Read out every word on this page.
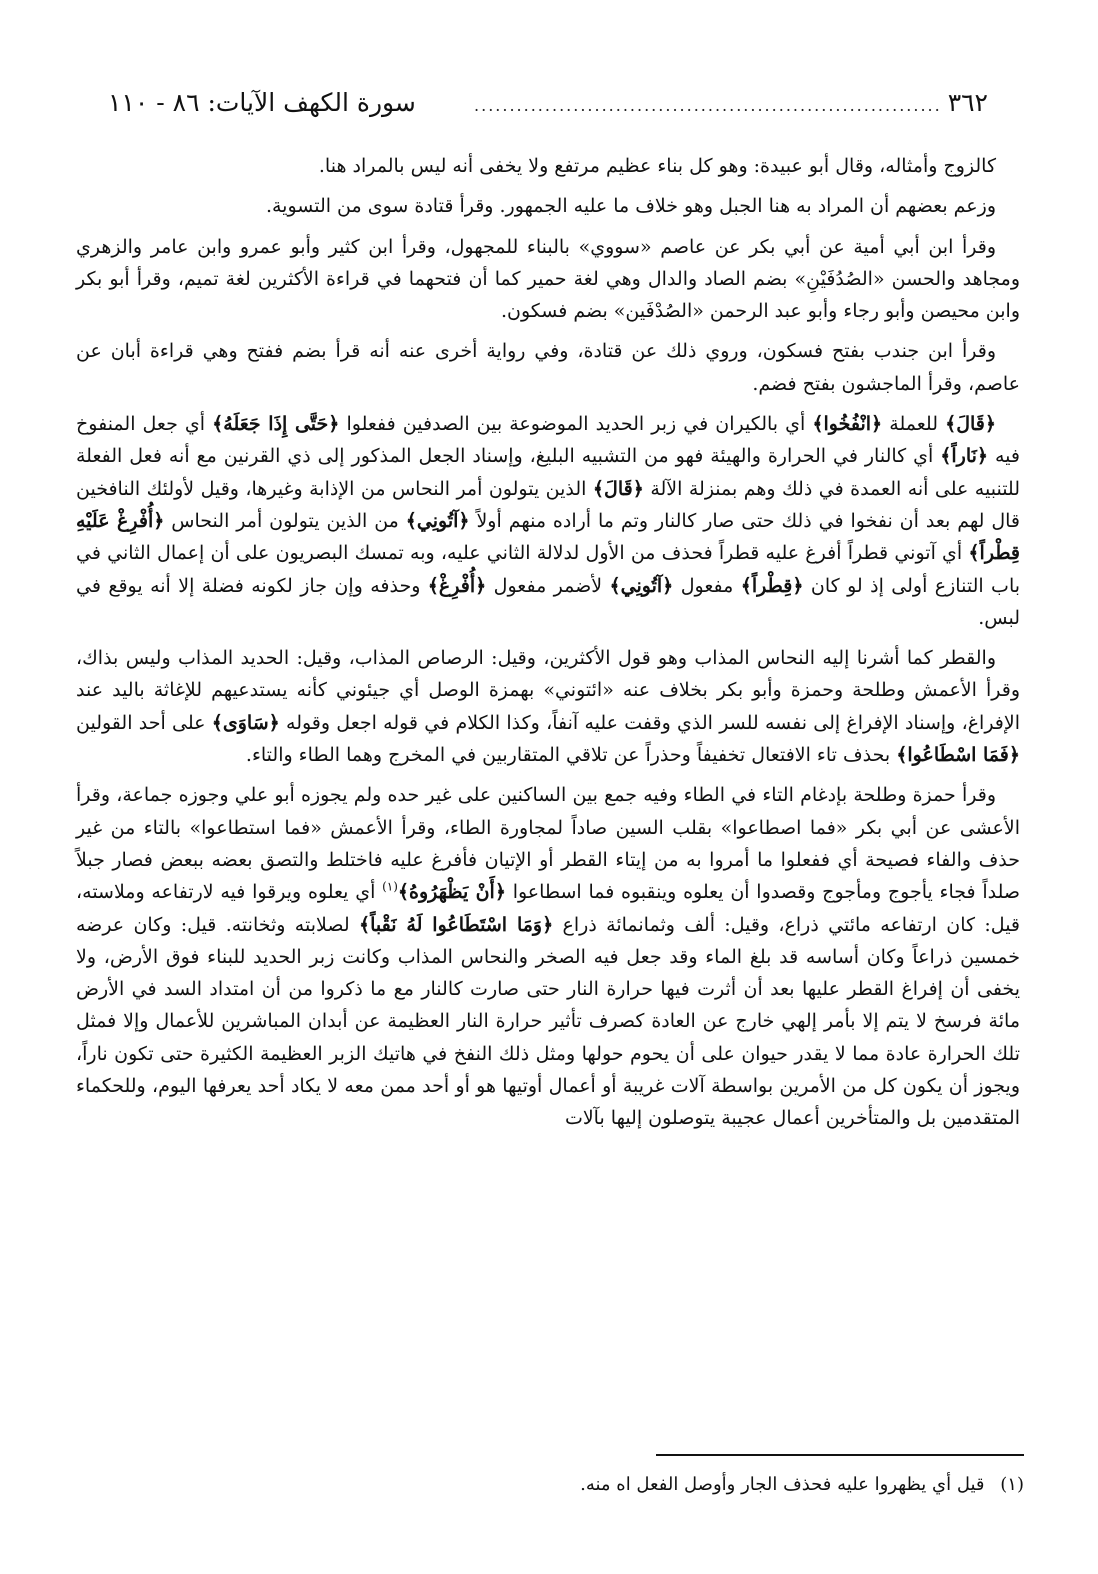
٣٦٢
..................................................................
سورة الكهف الآيات: ٨٦ - ١١٠

كالزوج وأمثاله، وقال أبو عبيدة: وهو كل بناء عظيم مرتفع ولا يخفى أنه ليس بالمراد هنا.

وزعم بعضهم أن المراد به هنا الجبل وهو خلاف ما عليه الجمهور. وقرأ قتادة سوى من التسوية.

وقرأ ابن أبي أمية عن أبي بكر عن عاصم «سووي» بالبناء للمجهول، وقرأ ابن كثير وأبو عمرو وابن عامر والزهري ومجاهد والحسن «الصُدُفَيْنِ» بضم الصاد والدال وهي لغة حمير كما أن فتحهما في قراءة الأكثرين لغة تميم، وقرأ أبو بكر وابن محيصن وأبو رجاء وأبو عبد الرحمن «الصُدْفَين» بضم فسكون.

وقرأ ابن جندب بفتح فسكون، وروي ذلك عن قتادة، وفي رواية أخرى عنه أنه قرأ بضم ففتح وهي قراءة أبان عن عاصم، وقرأ الماجشون بفتح فضم.

﴿قَالَ﴾ للعملة ﴿انْفُخُوا﴾ أي بالكيران في زبر الحديد الموضوعة بين الصدفين ففعلوا ﴿حَتَّى إِذَا جَعَلَهُ﴾ أي جعل المنفوخ فيه ﴿نَاراً﴾ أي كالنار في الحرارة والهيئة فهو من التشبيه البليغ، وإسناد الجعل المذكور إلى ذي القرنين مع أنه فعل الفعلة للتنبيه على أنه العمدة في ذلك وهم بمنزلة الآلة ﴿قَالَ﴾ الذين يتولون أمر النحاس من الإذابة وغيرها، وقيل لأولئك النافخين قال لهم بعد أن نفخوا في ذلك حتى صار كالنار وتم ما أراده منهم أولاً ﴿آتُونِي﴾ من الذين يتولون أمر النحاس ﴿أُفْرِغْ عَلَيْهِ قِطْراً﴾ أي آتوني قطراً أفرغ عليه قطراً فحذف من الأول لدلالة الثاني عليه، وبه تمسك البصريون على أن إعمال الثاني في باب التنازع أولى إذ لو كان ﴿قِطْراً﴾ مفعول ﴿آتُونِي﴾ لأضمر مفعول ﴿أُفْرِغْ﴾ وحذفه وإن جاز لكونه فضلة إلا أنه يوقع في لبس.

والقطر كما أشرنا إليه النحاس المذاب وهو قول الأكثرين، وقيل: الرصاص المذاب، وقيل: الحديد المذاب وليس بذاك، وقرأ الأعمش وطلحة وحمزة وأبو بكر بخلاف عنه «ائتوني» بهمزة الوصل أي جيئوني كأنه يستدعيهم للإغاثة باليد عند الإفراغ، وإسناد الإفراغ إلى نفسه للسر الذي وقفت عليه آنفاً، وكذا الكلام في قوله اجعل وقوله ﴿سَاوَى﴾ على أحد القولين ﴿فَمَا اسْطَاعُوا﴾ بحذف تاء الافتعال تخفيفاً وحذراً عن تلاقي المتقاربين في المخرج وهما الطاء والتاء.

وقرأ حمزة وطلحة بإدغام التاء في الطاء وفيه جمع بين الساكنين على غير حده ولم يجوزه أبو علي وجوزه جماعة، وقرأ الأعشى عن أبي بكر «فما اصطاعوا» بقلب السين صاداً لمجاورة الطاء، وقرأ الأعمش «فما استطاعوا» بالتاء من غير حذف والفاء فصيحة أي ففعلوا ما أمروا به من إيتاء القطر أو الإتيان فأفرغ عليه فاختلط والتصق بعضه ببعض فصار جبلاً صلداً فجاء يأجوج ومأجوج وقصدوا أن يعلوه وينقبوه فما اسطاعوا ﴿أَنْ يَظْهَرُوهُ﴾$^{(١)}$ أي يعلوه ويرقوا فيه لارتفاعه وملاسته، قيل: كان ارتفاعه مائتي ذراع، وقيل: ألف وثمانمائة ذراع ﴿وَمَا اسْتَطَاعُوا لَهُ نَقْباً﴾ لصلابته وثخانته. قيل: وكان عرضه خمسين ذراعاً وكان أساسه قد بلغ الماء وقد جعل فيه الصخر والنحاس المذاب وكانت زبر الحديد للبناء فوق الأرض، ولا يخفى أن إفراغ القطر عليها بعد أن أثرت فيها حرارة النار حتى صارت كالنار مع ما ذكروا من أن امتداد السد في الأرض مائة فرسخ لا يتم إلا بأمر إلهي خارج عن العادة كصرف تأثير حرارة النار العظيمة عن أبدان المباشرين للأعمال وإلا فمثل تلك الحرارة عادة مما لا يقدر حيوان على أن يحوم حولها ومثل ذلك النفخ في هاتيك الزبر العظيمة الكثيرة حتى تكون ناراً، ويجوز أن يكون كل من الأمرين بواسطة آلات غريبة أو أعمال أوتيها هو أو أحد ممن معه لا يكاد أحد يعرفها اليوم، وللحكماء المتقدمين بل والمتأخرين أعمال عجيبة يتوصلون إليها بآلات

(١) قيل أي يظهروا عليه فحذف الجار وأوصل الفعل اه منه.
